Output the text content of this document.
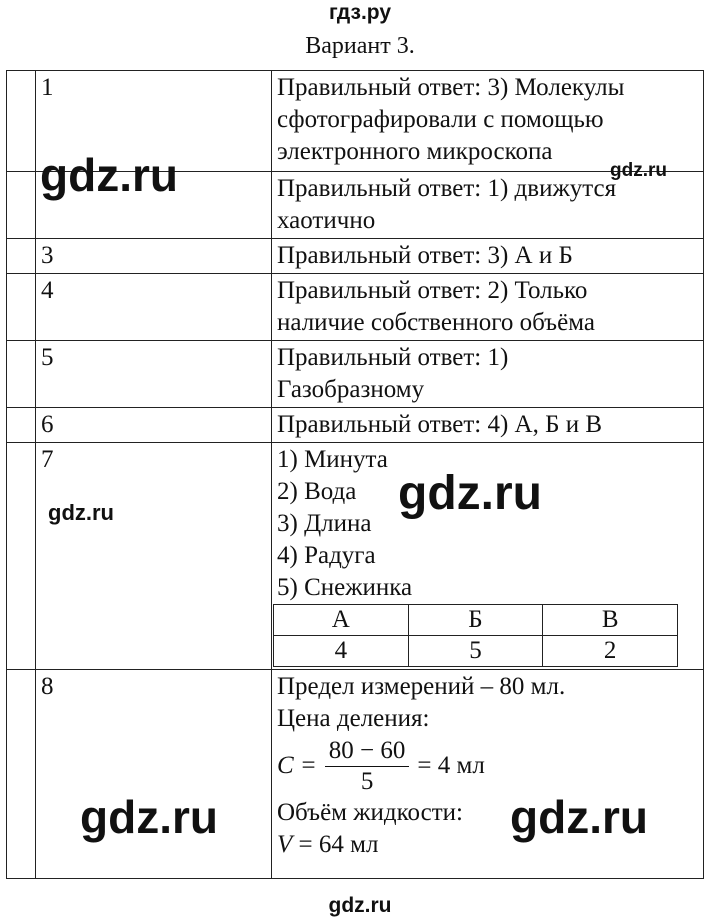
гдз.ру
Вариант 3.
	1	Правильный ответ: 3) Молекулы
сфотографировали с помощью
электронного микроскопа

Правильный ответ: 1) движутся
хаотично

	3	Правильный ответ: 3) А и Б

	4	Правильный ответ: 2) Только
наличие собственного объёма

	5	Правильный ответ: 1)
Газобразному

	6	Правильный ответ: 4) А, Б и В

	7	1) Минута
2) Вода
3) Длина
4) Радуга
5) Снежинка
А	Б	В
4	5	2

	8	Предел измерений – 80 мл.
Цена деления:
$C = \frac{80 - 60}{5} = 4$ мл
Объём жидкости:
V = 64 мл
gdz.ru	gdz.ru
gdz.ru	gdz.ru
gdz.ru	gdz.ru
gdz.ru
